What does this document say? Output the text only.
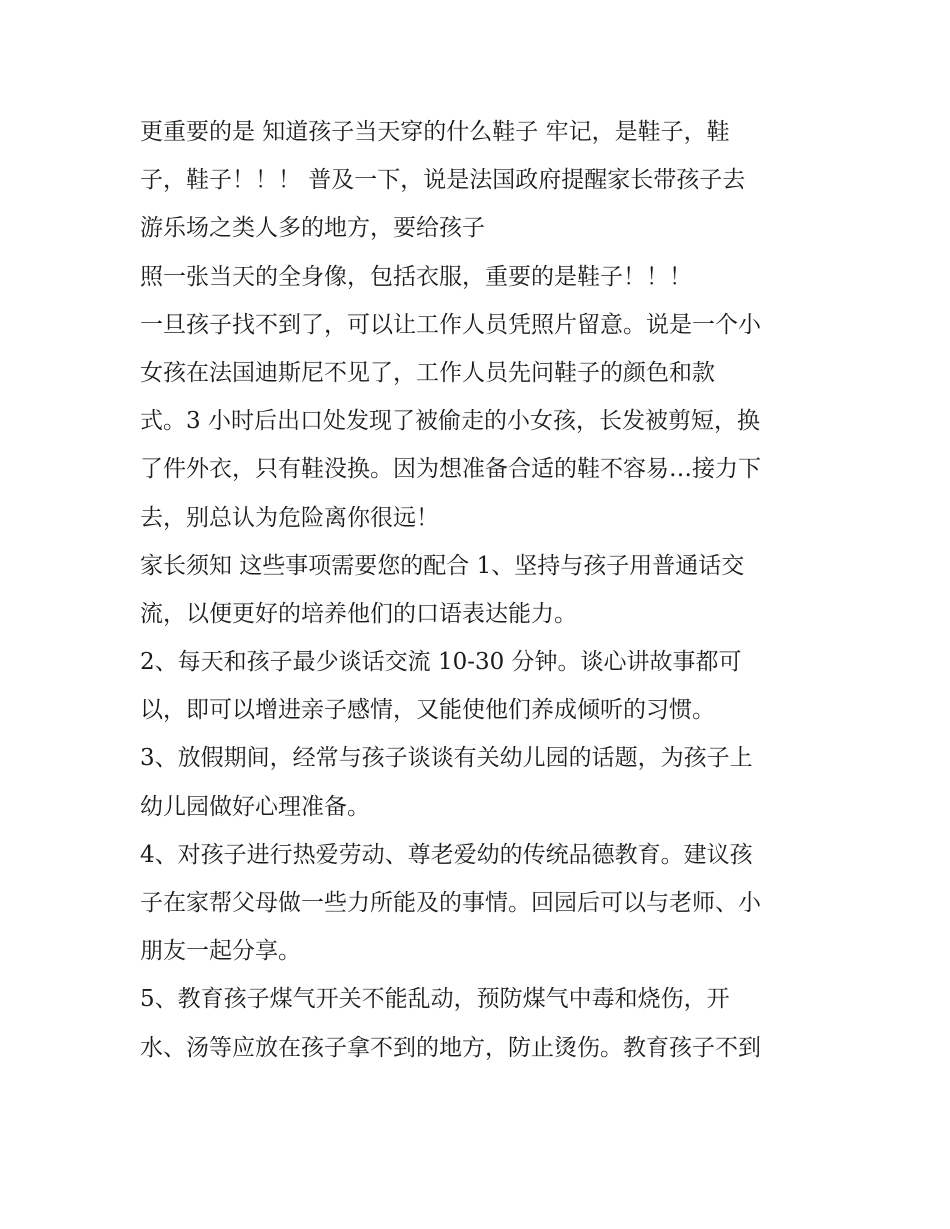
更重要的是 知道孩子当天穿的什么鞋子 牢记，是鞋子，鞋
子，鞋子！！！ 普及一下，说是法国政府提醒家长带孩子去
游乐场之类人多的地方，要给孩子
照一张当天的全身像，包括衣服，重要的是鞋子！！！
一旦孩子找不到了，可以让工作人员凭照片留意。说是一个小
女孩在法国迪斯尼不见了，工作人员先问鞋子的颜色和款
式。3 小时后出口处发现了被偷走的小女孩，长发被剪短，换
了件外衣，只有鞋没换。因为想准备合适的鞋不容易…接力下
去，别总认为危险离你很远！
家长须知 这些事项需要您的配合 1、坚持与孩子用普通话交
流，以便更好的培养他们的口语表达能力。
2、每天和孩子最少谈话交流 10-30 分钟。谈心讲故事都可
以，即可以增进亲子感情，又能使他们养成倾听的习惯。
3、放假期间，经常与孩子谈谈有关幼儿园的话题，为孩子上
幼儿园做好心理准备。
4、对孩子进行热爱劳动、尊老爱幼的传统品德教育。建议孩
子在家帮父母做一些力所能及的事情。回园后可以与老师、小
朋友一起分享。
5、教育孩子煤气开关不能乱动，预防煤气中毒和烧伤，开
水、汤等应放在孩子拿不到的地方，防止烫伤。教育孩子不到
